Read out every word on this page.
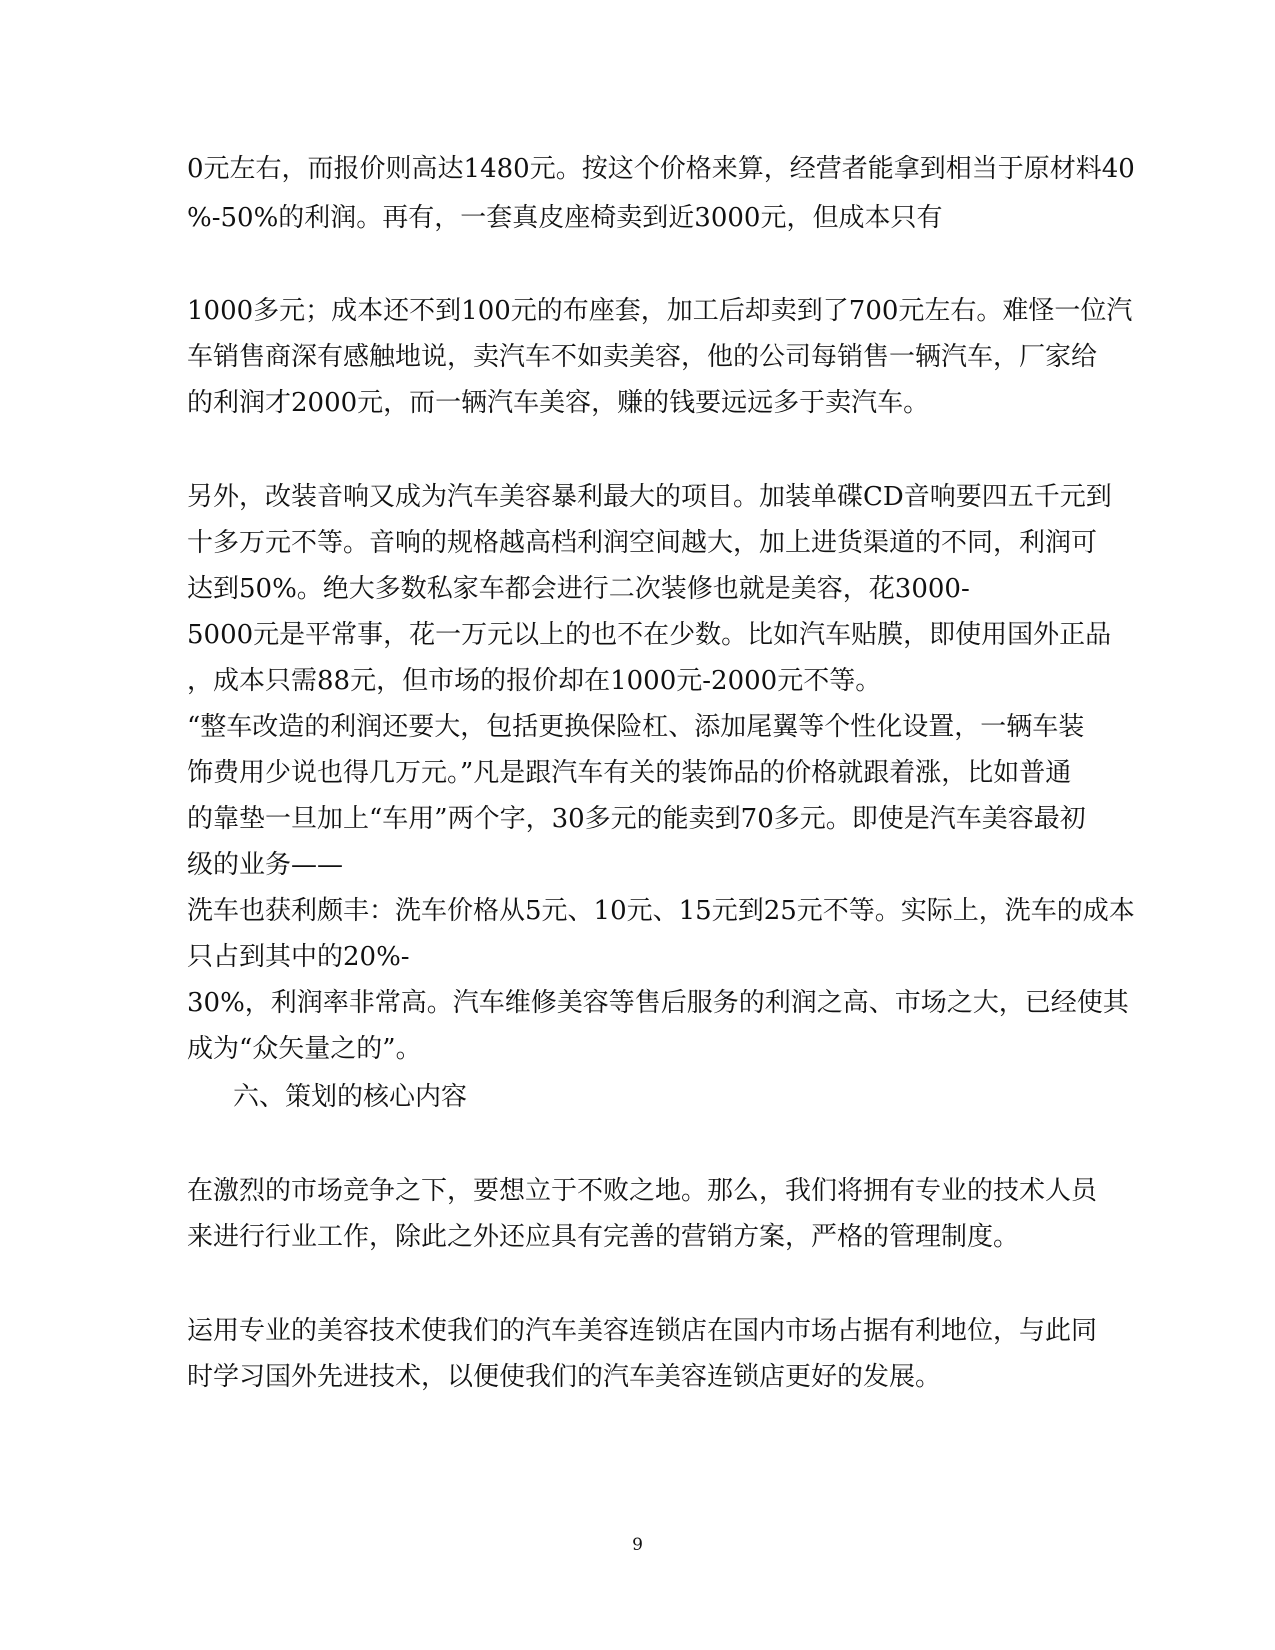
0元左右，而报价则高达1480元。按这个价格来算，经营者能拿到相当于原材料40
%-50%的利润。再有，一套真皮座椅卖到近3000元，但成本只有
1000多元；成本还不到100元的布座套，加工后却卖到了700元左右。难怪一位汽
车销售商深有感触地说，卖汽车不如卖美容，他的公司每销售一辆汽车，厂家给
的利润才2000元，而一辆汽车美容，赚的钱要远远多于卖汽车。
另外，改装音响又成为汽车美容暴利最大的项目。加装单碟CD音响要四五千元到
十多万元不等。音响的规格越高档利润空间越大，加上进货渠道的不同，利润可
达到50%。绝大多数私家车都会进行二次装修也就是美容，花3000-
5000元是平常事，花一万元以上的也不在少数。比如汽车贴膜，即使用国外正品
，成本只需88元，但市场的报价却在1000元-2000元不等。
“整车改造的利润还要大，包括更换保险杠、添加尾翼等个性化设置，一辆车装
饰费用少说也得几万元。”凡是跟汽车有关的装饰品的价格就跟着涨，比如普通
的靠垫一旦加上“车用”两个字，30多元的能卖到70多元。即使是汽车美容最初
级的业务——
洗车也获利颇丰：洗车价格从5元、10元、15元到25元不等。实际上，洗车的成本
只占到其中的20%-
30%，利润率非常高。汽车维修美容等售后服务的利润之高、市场之大，已经使其
成为“众矢量之的”。
六、策划的核心内容
在激烈的市场竞争之下，要想立于不败之地。那么，我们将拥有专业的技术人员
来进行行业工作，除此之外还应具有完善的营销方案，严格的管理制度。
运用专业的美容技术使我们的汽车美容连锁店在国内市场占据有利地位，与此同
时学习国外先进技术，以便使我们的汽车美容连锁店更好的发展。
9
